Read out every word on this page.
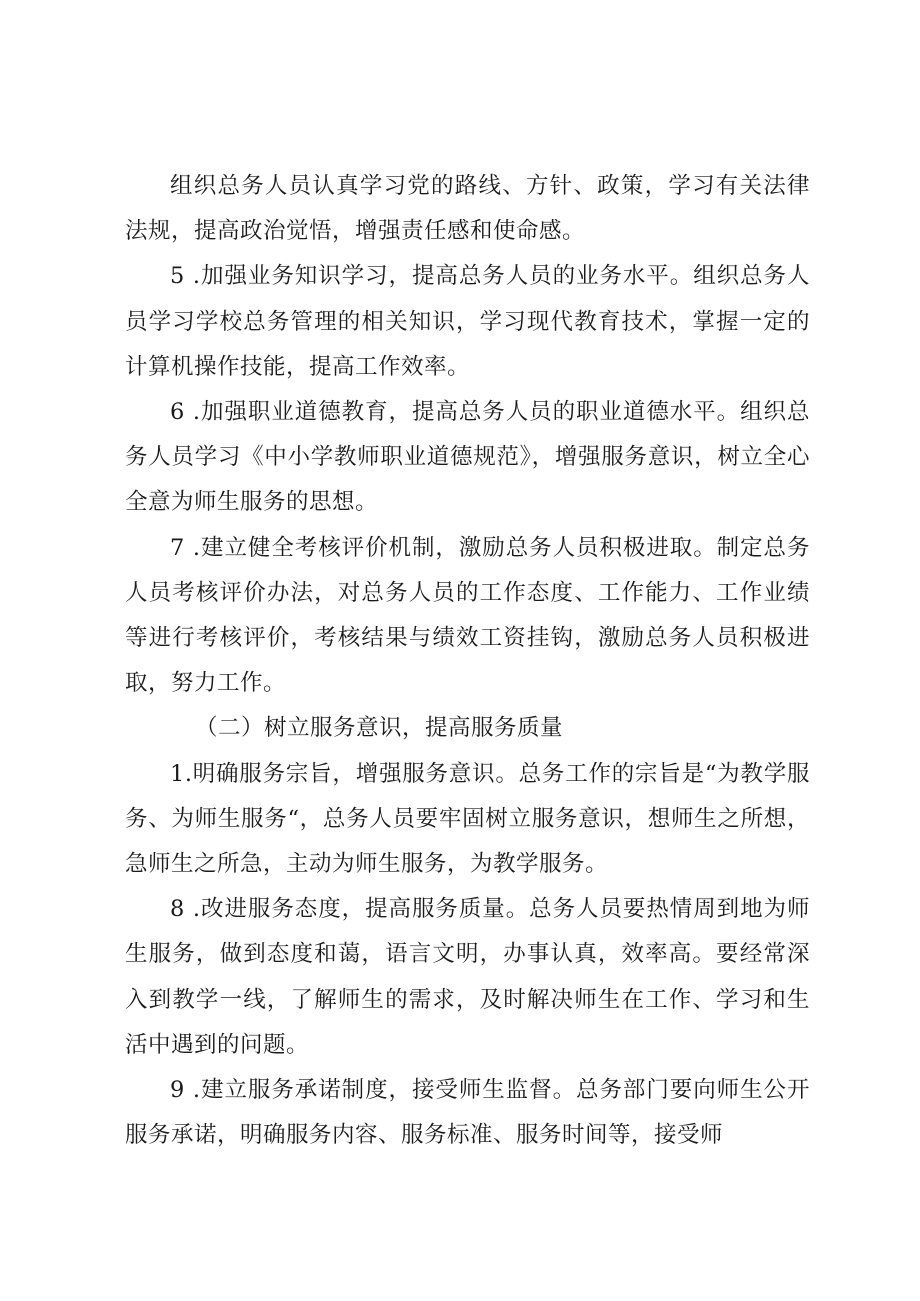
组织总务人员认真学习党的路线、方针、政策，学习有关法律法规，提高政治觉悟，增强责任感和使命感。

5 .加强业务知识学习，提高总务人员的业务水平。组织总务人员学习学校总务管理的相关知识，学习现代教育技术，掌握一定的计算机操作技能，提高工作效率。

6 .加强职业道德教育，提高总务人员的职业道德水平。组织总务人员学习《中小学教师职业道德规范》，增强服务意识，树立全心全意为师生服务的思想。

7 .建立健全考核评价机制，激励总务人员积极进取。制定总务人员考核评价办法，对总务人员的工作态度、工作能力、工作业绩等进行考核评价，考核结果与绩效工资挂钩，激励总务人员积极进取，努力工作。

（二）树立服务意识，提高服务质量

1.明确服务宗旨，增强服务意识。总务工作的宗旨是“为教学服务、为师生服务“，总务人员要牢固树立服务意识，想师生之所想，急师生之所急，主动为师生服务，为教学服务。

8 .改进服务态度，提高服务质量。总务人员要热情周到地为师生服务，做到态度和蔼，语言文明，办事认真，效率高。要经常深入到教学一线，了解师生的需求，及时解决师生在工作、学习和生活中遇到的问题。

9 .建立服务承诺制度，接受师生监督。总务部门要向师生公开服务承诺，明确服务内容、服务标准、服务时间等，接受师
